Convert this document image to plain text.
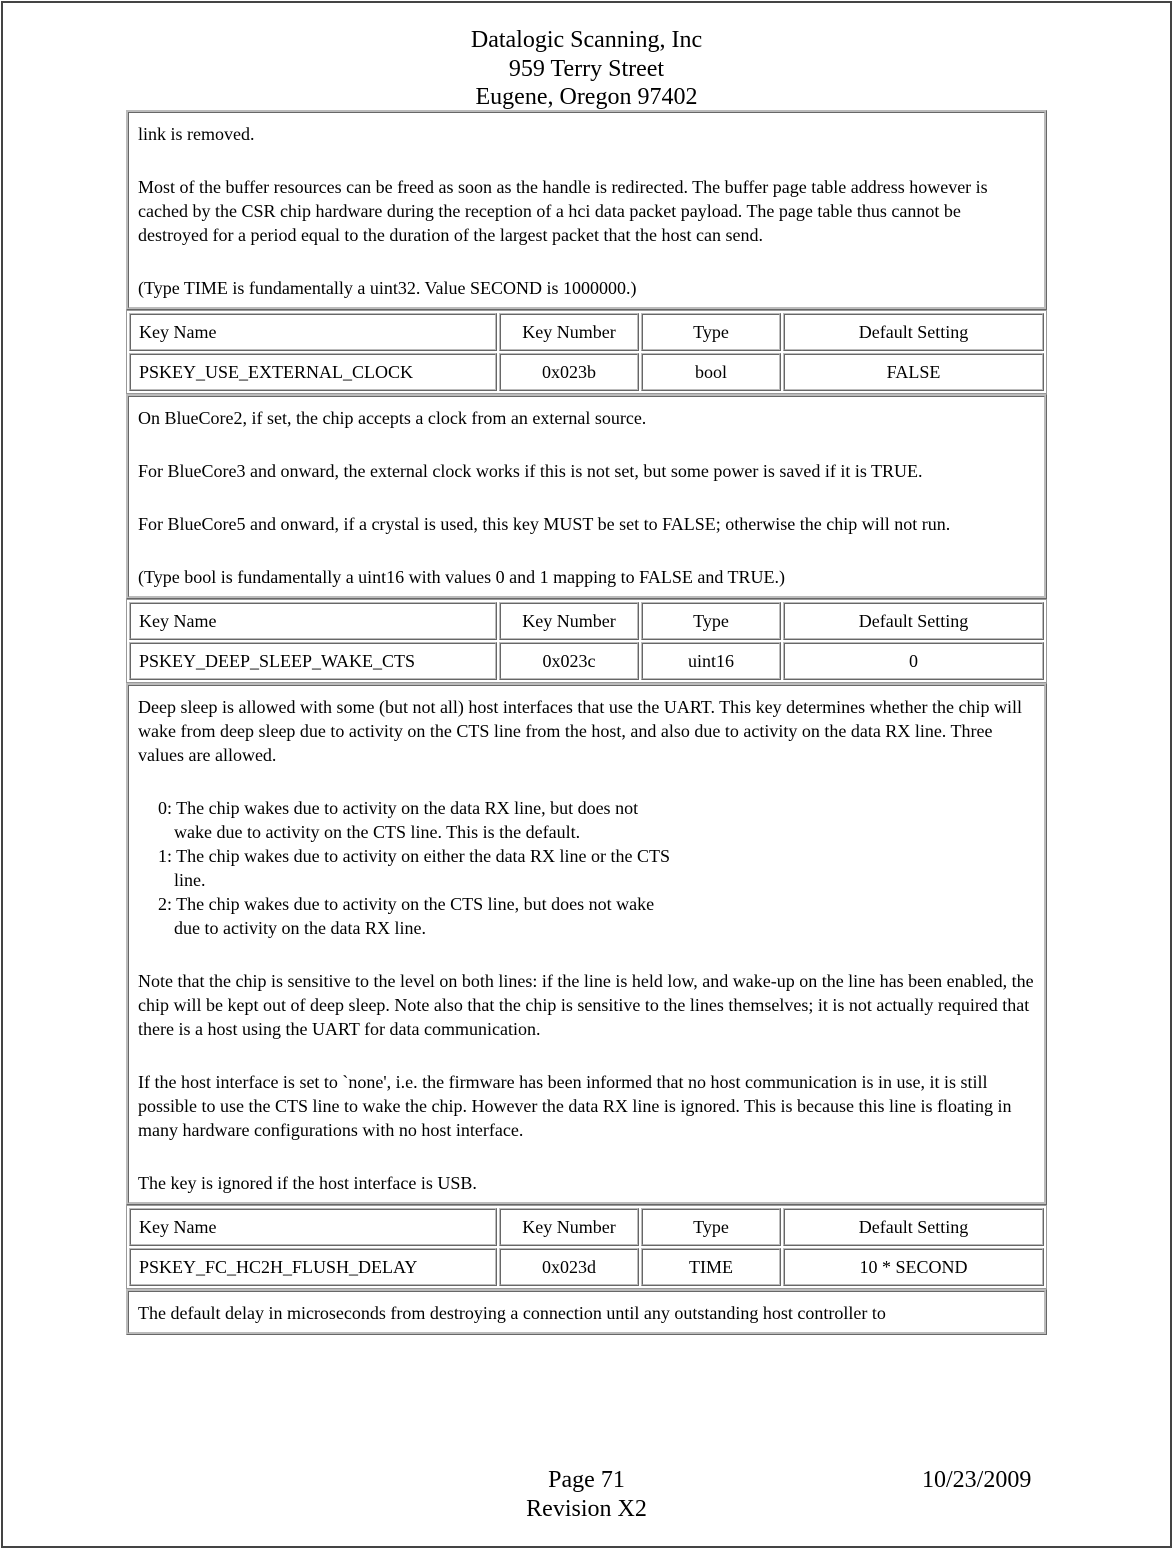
Datalogic Scanning, Inc
959 Terry Street
Eugene, Oregon 97402

link is removed.

Most of the buffer resources can be freed as soon as the handle is redirected. The buffer page table address however is cached by the CSR chip hardware during the reception of a hci data packet payload. The page table thus cannot be destroyed for a period equal to the duration of the largest packet that the host can send.

(Type TIME is fundamentally a uint32. Value SECOND is 1000000.)

Key Name	Key Number	Type	Default Setting
PSKEY_USE_EXTERNAL_CLOCK	0x023b	bool	FALSE

On BlueCore2, if set, the chip accepts a clock from an external source.

For BlueCore3 and onward, the external clock works if this is not set, but some power is saved if it is TRUE.

For BlueCore5 and onward, if a crystal is used, this key MUST be set to FALSE; otherwise the chip will not run.

(Type bool is fundamentally a uint16 with values 0 and 1 mapping to FALSE and TRUE.)

Key Name	Key Number	Type	Default Setting
PSKEY_DEEP_SLEEP_WAKE_CTS	0x023c	uint16	0

Deep sleep is allowed with some (but not all) host interfaces that use the UART. This key determines whether the chip will wake from deep sleep due to activity on the CTS line from the host, and also due to activity on the data RX line. Three values are allowed.

0: The chip wakes due to activity on the data RX line, but does not wake due to activity on the CTS line. This is the default.
1: The chip wakes due to activity on either the data RX line or the CTS line.
2: The chip wakes due to activity on the CTS line, but does not wake due to activity on the data RX line.

Note that the chip is sensitive to the level on both lines: if the line is held low, and wake-up on the line has been enabled, the chip will be kept out of deep sleep. Note also that the chip is sensitive to the lines themselves; it is not actually required that there is a host using the UART for data communication.

If the host interface is set to `none', i.e. the firmware has been informed that no host communication is in use, it is still possible to use the CTS line to wake the chip. However the data RX line is ignored. This is because this line is floating in many hardware configurations with no host interface.

The key is ignored if the host interface is USB.

Key Name	Key Number	Type	Default Setting
PSKEY_FC_HC2H_FLUSH_DELAY	0x023d	TIME	10 * SECOND

The default delay in microseconds from destroying a connection until any outstanding host controller to

Page 71	10/23/2009
Revision X2
